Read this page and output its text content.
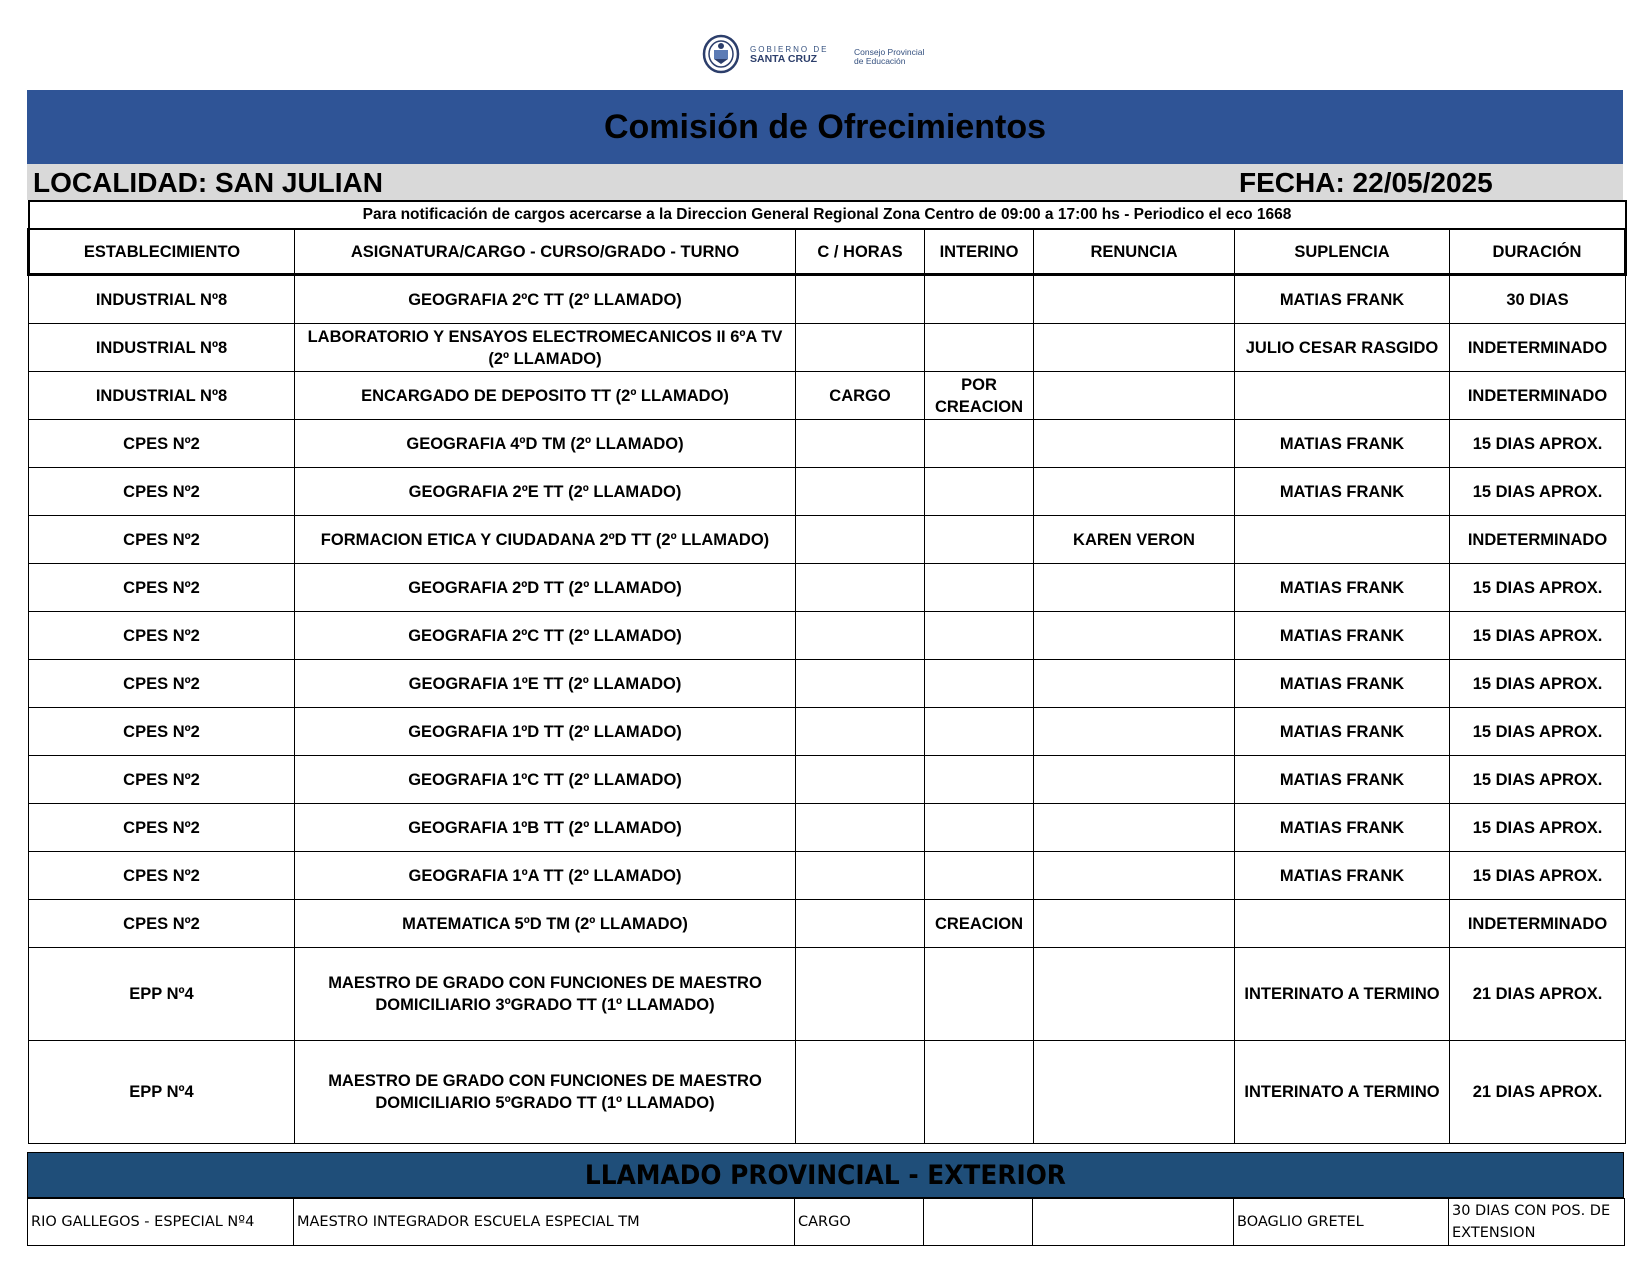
GOBIERNO DE
SANTA CRUZ
Consejo Provincial
de Educación
Comisión de Ofrecimientos
LOCALIDAD: SAN JULIAN	FECHA: 22/05/2025
Para notificación de cargos acercarse a la Direccion General Regional Zona Centro de 09:00 a 17:00 hs - Periodico el eco 1668						
ESTABLECIMIENTO	ASIGNATURA/CARGO - CURSO/GRADO - TURNO	C / HORAS	INTERINO	RENUNCIA	SUPLENCIA	DURACIÓN
INDUSTRIAL Nº8	GEOGRAFIA 2ºC TT (2º LLAMADO)				MATIAS FRANK	30 DIAS
INDUSTRIAL Nº8	LABORATORIO Y ENSAYOS ELECTROMECANICOS II 6ºA TV (2º LLAMADO)				JULIO CESAR RASGIDO	INDETERMINADO
INDUSTRIAL Nº8	ENCARGADO DE DEPOSITO TT (2º LLAMADO)	CARGO	POR CREACION			INDETERMINADO
CPES Nº2	GEOGRAFIA 4ºD TM (2º LLAMADO)				MATIAS FRANK	15 DIAS APROX.
CPES Nº2	GEOGRAFIA 2ºE TT (2º LLAMADO)				MATIAS FRANK	15 DIAS APROX.
CPES Nº2	FORMACION ETICA Y CIUDADANA 2ºD TT (2º LLAMADO)			KAREN VERON		INDETERMINADO
CPES Nº2	GEOGRAFIA 2ºD TT (2º LLAMADO)				MATIAS FRANK	15 DIAS APROX.
CPES Nº2	GEOGRAFIA 2ºC TT (2º LLAMADO)				MATIAS FRANK	15 DIAS APROX.
CPES Nº2	GEOGRAFIA 1ºE TT (2º LLAMADO)				MATIAS FRANK	15 DIAS APROX.
CPES Nº2	GEOGRAFIA 1ºD TT (2º LLAMADO)				MATIAS FRANK	15 DIAS APROX.
CPES Nº2	GEOGRAFIA 1ºC TT (2º LLAMADO)				MATIAS FRANK	15 DIAS APROX.
CPES Nº2	GEOGRAFIA 1ºB TT (2º LLAMADO)				MATIAS FRANK	15 DIAS APROX.
CPES Nº2	GEOGRAFIA 1ºA TT (2º LLAMADO)				MATIAS FRANK	15 DIAS APROX.
CPES Nº2	MATEMATICA 5ºD TM (2º LLAMADO)		CREACION			INDETERMINADO
EPP Nº4	MAESTRO DE GRADO CON FUNCIONES DE MAESTRO DOMICILIARIO 3ºGRADO TT (1º LLAMADO)				INTERINATO A TERMINO	21 DIAS APROX.
EPP Nº4	MAESTRO DE GRADO CON FUNCIONES DE MAESTRO DOMICILIARIO 5ºGRADO TT (1º LLAMADO)				INTERINATO A TERMINO	21 DIAS APROX.
LLAMADO PROVINCIAL - EXTERIOR
RIO GALLEGOS - ESPECIAL Nº4	MAESTRO INTEGRADOR ESCUELA ESPECIAL TM	CARGO			BOAGLIO GRETEL	30 DIAS CON POS. DE EXTENSION
